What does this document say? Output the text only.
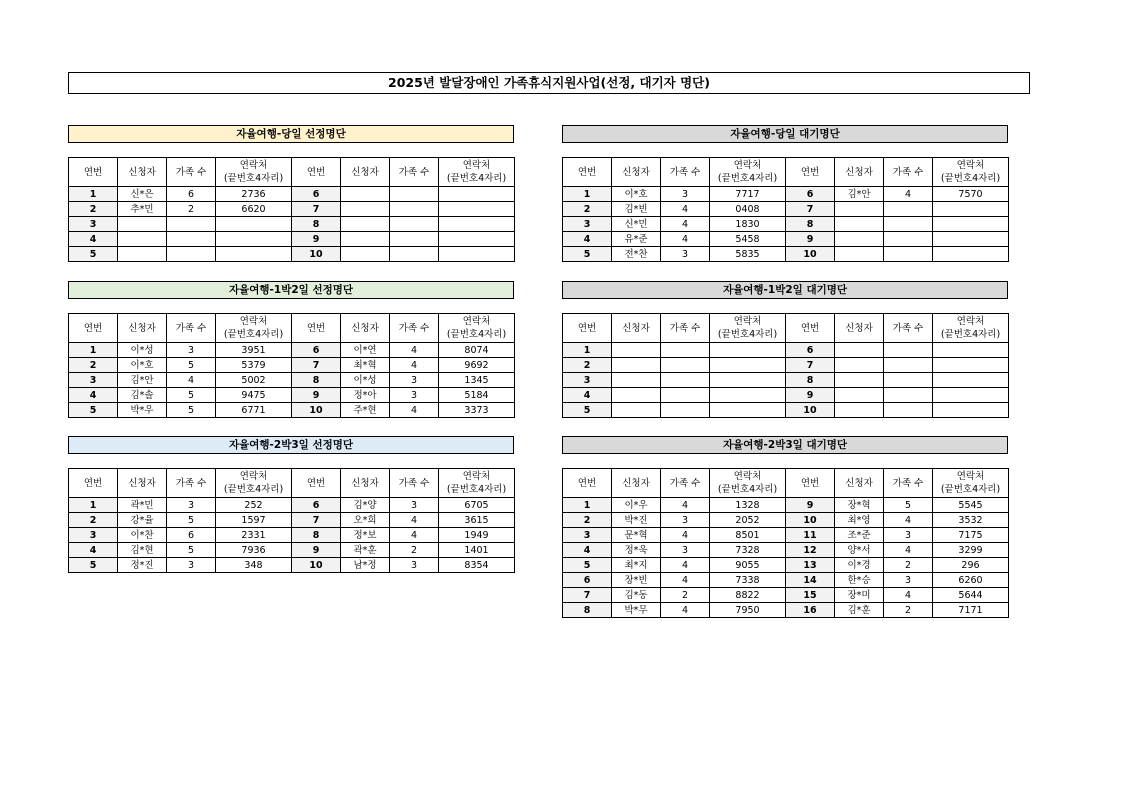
2025년 발달장애인 가족휴식지원사업(선정, 대기자 명단)
자율여행-당일 선정명단
연번	신청자	가족 수	연락처
(끝번호4자리)	연번	신청자	가족 수	연락처
(끝번호4자리)

1	신*은	6	2736	6			
2	추*민	2	6620	7			
3				8			
4				9			
5				10			
자율여행-당일 대기명단
연번	신청자	가족 수	연락처
(끝번호4자리)	연번	신청자	가족 수	연락처
(끝번호4자리)

1	이*호	3	7717	6	김*안	4	7570
2	김*빈	4	0408	7			
3	신*민	4	1830	8			
4	유*준	4	5458	9			
5	전*찬	3	5835	10			
자율여행-1박2일 선정명단
연번	신청자	가족 수	연락처
(끝번호4자리)	연번	신청자	가족 수	연락처
(끝번호4자리)

1	이*성	3	3951	6	이*연	4	8074
2	이*호	5	5379	7	최*혁	4	9692
3	김*안	4	5002	8	이*성	3	1345
4	김*솔	5	9475	9	정*아	3	5184
5	박*우	5	6771	10	주*현	4	3373
자율여행-1박2일 대기명단
연번	신청자	가족 수	연락처
(끝번호4자리)	연번	신청자	가족 수	연락처
(끝번호4자리)

1				6			
2				7			
3				8			
4				9			
5				10			
자율여행-2박3일 선정명단
연번	신청자	가족 수	연락처
(끝번호4자리)	연번	신청자	가족 수	연락처
(끝번호4자리)

1	곽*민	3	252	6	김*양	3	6705
2	강*율	5	1597	7	오*희	4	3615
3	이*찬	6	2331	8	정*보	4	1949
4	김*현	5	7936	9	곽*훈	2	1401
5	정*진	3	348	10	남*정	3	8354
자율여행-2박3일 대기명단
연번	신청자	가족 수	연락처
(끝번호4자리)	연번	신청자	가족 수	연락처
(끝번호4자리)

1	이*우	4	1328	9	장*혁	5	5545
2	박*진	3	2052	10	최*영	4	3532
3	문*혁	4	8501	11	조*준	3	7175
4	정*욱	3	7328	12	양*서	4	3299
5	최*지	4	9055	13	이*경	2	296
6	장*빈	4	7338	14	한*승	3	6260
7	김*동	2	8822	15	장*미	4	5644
8	박*무	4	7950	16	김*훈	2	7171
